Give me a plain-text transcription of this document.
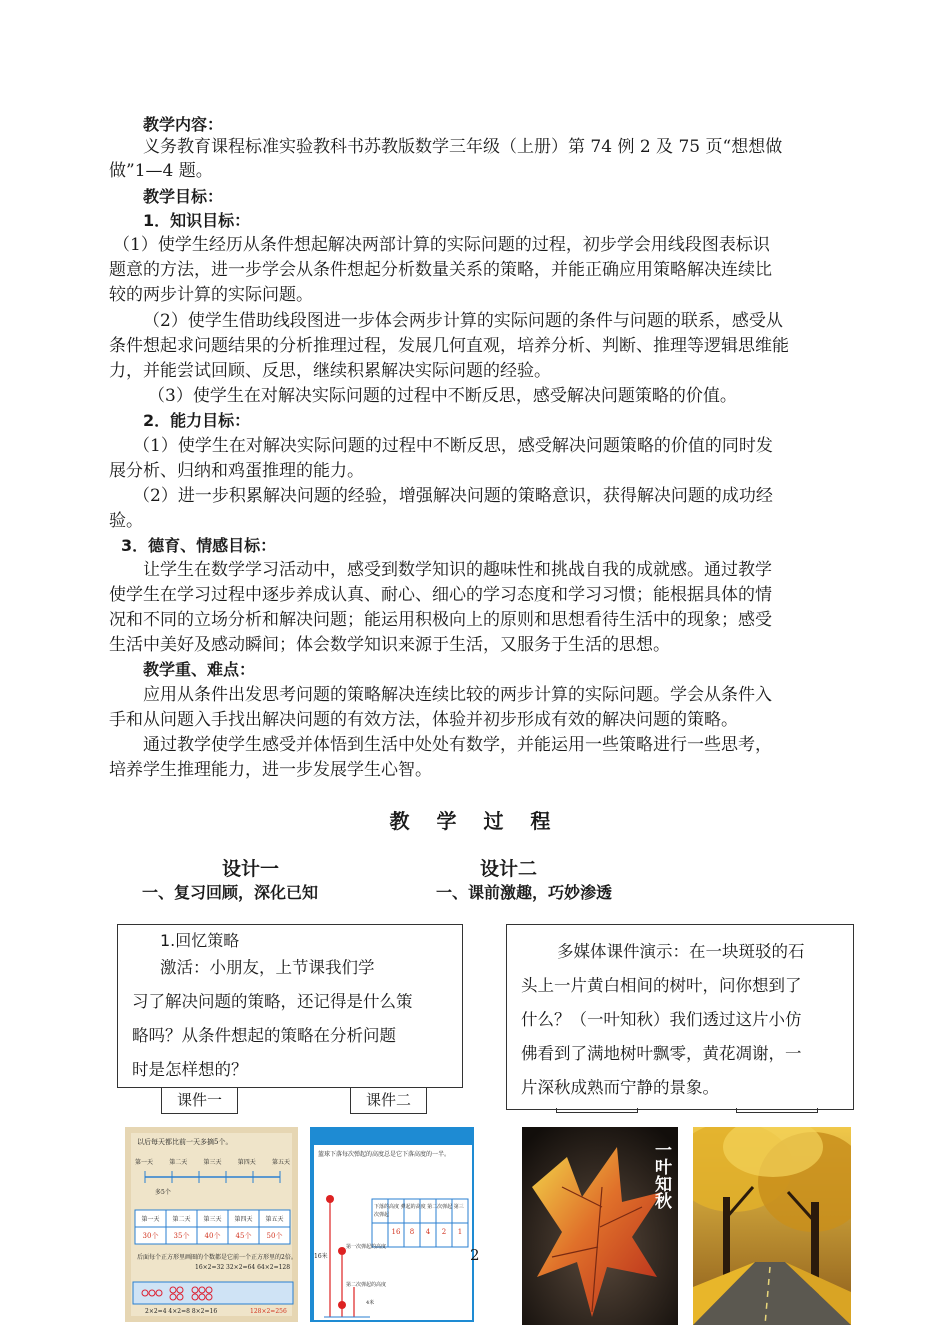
教学内容：
义务教育课程标准实验教科书苏教版数学三年级（上册）第 74 例 2 及 75 页“想想做
做”1—4 题。
教学目标：
1．知识目标：
（1）使学生经历从条件想起解决两部计算的实际问题的过程，初步学会用线段图表标识
题意的方法，进一步学会从条件想起分析数量关系的策略，并能正确应用策略解决连续比
较的两步计算的实际问题。
（2）使学生借助线段图进一步体会两步计算的实际问题的条件与问题的联系，感受从
条件想起求问题结果的分析推理过程，发展几何直观，培养分析、判断、推理等逻辑思维能
力，并能尝试回顾、反思，继续积累解决实际问题的经验。
（3）使学生在对解决实际问题的过程中不断反思，感受解决问题策略的价值。
2．能力目标：
（1）使学生在对解决实际问题的过程中不断反思，感受解决问题策略的价值的同时发
展分析、归纳和鸡蛋推理的能力。
（2）进一步积累解决问题的经验，增强解决问题的策略意识，获得解决问题的成功经
验。
3．德育、情感目标：
让学生在数学学习活动中，感受到数学知识的趣味性和挑战自我的成就感。通过教学
使学生在学习过程中逐步养成认真、耐心、细心的学习态度和学习习惯；能根据具体的情
况和不同的立场分析和解决问题；能运用积极向上的原则和思想看待生活中的现象；感受
生活中美好及感动瞬间；体会数学知识来源于生活，又服务于生活的思想。
教学重、难点：
应用从条件出发思考问题的策略解决连续比较的两步计算的实际问题。学会从条件入
手和从问题入手找出解决问题的有效方法，体验并初步形成有效的解决问题的策略。
通过教学使学生感受并体悟到生活中处处有数学，并能运用一些策略进行一些思考，
培养学生推理能力，进一步发展学生心智。
教 学 过 程
设计一
一、复习回顾，深化已知
设计二
一、课前激趣，巧妙渗透
1.回忆策略
激活：小朋友，上节课我们学
习了解决问题的策略，还记得是什么策
略吗？从条件想起的策略在分析问题
时是怎样想的？
多媒体课件演示：在一块斑驳的石
头上一片黄白相间的树叶，问你想到了
什么？（一叶知秋）我们透过这片小仿
佛看到了满地树叶飘零，黄花凋谢，一
片深秋成熟而宁静的景象。
课件一	课件二
以后每天都比前一天多摘5个。
第一天	第二天	第三天	第四天	第五天
多5个
第一天	第二天	第三天	第四天	第五天
30个	35个	40个	45个	50个
后面每个正方形里画圈的个数都是它前一个正方形里的2倍。
16×2=32 32×2=64 64×2=128
2×2=4 4×2=8 8×2=16	128×2=256
篮球下落每次弹起的高度总是它下落高度的一半。
下落的高度 弹起的高度 第二次弹起 第三次弹起
16	8	4	2	1
16米
第一次弹起的高度
第二次弹起的高度
4米
一叶知秋
2
